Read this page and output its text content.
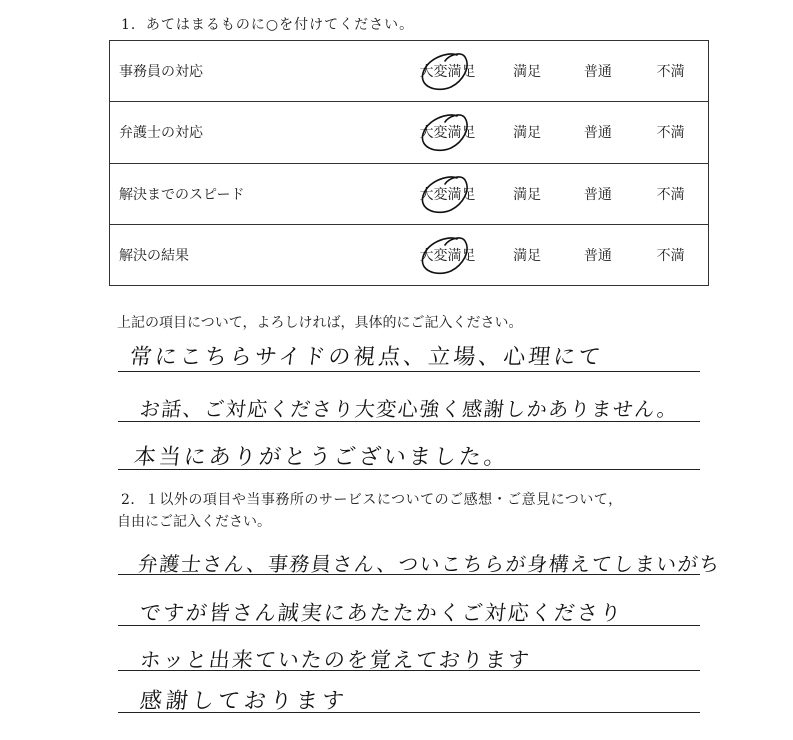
1．あてはまるものに○を付けてください。
事務員の対応	大変満足	満足	普通	不満
弁護士の対応	大変満足	満足	普通	不満
解決までのスピード	大変満足	満足	普通	不満
解決の結果	大変満足	満足	普通	不満
上記の項目について，よろしければ，具体的にご記入ください。
常にこちらサイドの視点、立場、心理にて
お話、ご対応くださり大変心強く感謝しかありません。
本当にありがとうございました。
2．１以外の項目や当事務所のサービスについてのご感想・ご意見について，
自由にご記入ください。
弁護士さん、事務員さん、ついこちらが身構えてしまいがち
ですが皆さん誠実にあたたかくご対応くださり
ホッと出来ていたのを覚えております
感謝しております
